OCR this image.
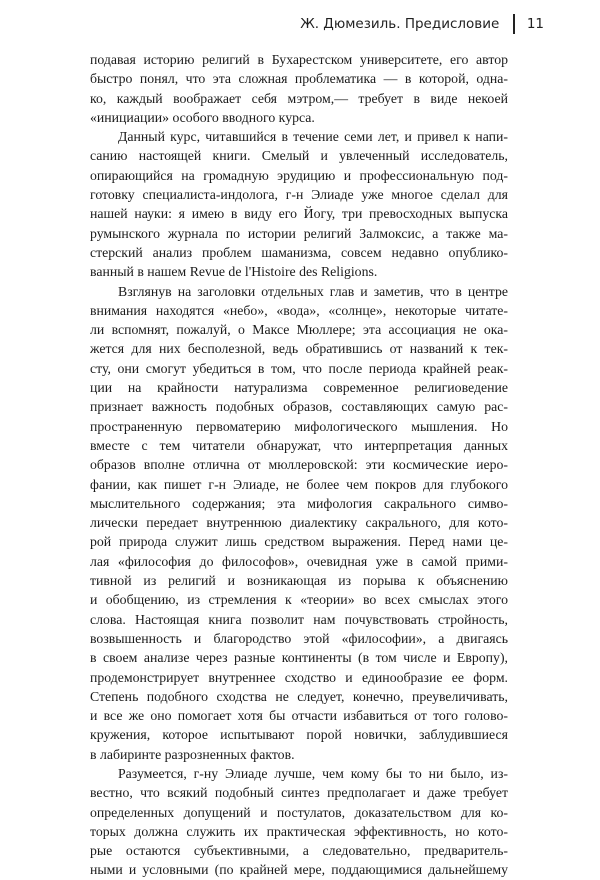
Ж. Дюмезиль. Предисловие 11

подавая историю религий в Бухарестском университете, его автор
быстро понял, что эта сложная проблематика — в которой, одна-
ко, каждый воображает себя мэтром,— требует в виде некоей
«инициации» особого вводного курса.

Данный курс, читавшийся в течение семи лет, и привел к напи-
санию настоящей книги. Смелый и увлеченный исследователь,
опирающийся на громадную эрудицию и профессиональную под-
готовку специалиста-индолога, г-н Элиаде уже многое сделал для
нашей науки: я имею в виду его Йогу, три превосходных выпуска
румынского журнала по истории религий Залмоксис, а также ма-
стерский анализ проблем шаманизма, совсем недавно опублико-
ванный в нашем Revue de l'Histoire des Religions.

Взглянув на заголовки отдельных глав и заметив, что в центре
внимания находятся «небо», «вода», «солнце», некоторые читате-
ли вспомнят, пожалуй, о Максе Мюллере; эта ассоциация не ока-
жется для них бесполезной, ведь обратившись от названий к тек-
сту, они смогут убедиться в том, что после периода крайней реак-
ции на крайности натурализма современное религиоведение
признает важность подобных образов, составляющих самую рас-
пространенную первоматерию мифологического мышления. Но
вместе с тем читатели обнаружат, что интерпретация данных
образов вполне отлична от мюллеровской: эти космические иеро-
фании, как пишет г-н Элиаде, не более чем покров для глубокого
мыслительного содержания; эта мифология сакрального симво-
лически передает внутреннюю диалектику сакрального, для кото-
рой природа служит лишь средством выражения. Перед нами це-
лая «философия до философов», очевидная уже в самой прими-
тивной из религий и возникающая из порыва к объяснению
и обобщению, из стремления к «теории» во всех смыслах этого
слова. Настоящая книга позволит нам почувствовать стройность,
возвышенность и благородство этой «философии», а двигаясь
в своем анализе через разные континенты (в том числе и Европу),
продемонстрирует внутреннее сходство и единообразие ее форм.
Степень подобного сходства не следует, конечно, преувеличивать,
и все же оно помогает хотя бы отчасти избавиться от того голово-
кружения, которое испытывают порой новички, заблудившиеся
в лабиринте разрозненных фактов.

Разумеется, г-ну Элиаде лучше, чем кому бы то ни было, из-
вестно, что всякий подобный синтез предполагает и даже требует
определенных допущений и постулатов, доказательством для ко-
торых должна служить их практическая эффективность, но кото-
рые остаются субъективными, а следовательно, предваритель-
ными и условными (по крайней мере, поддающимися дальнейшему
